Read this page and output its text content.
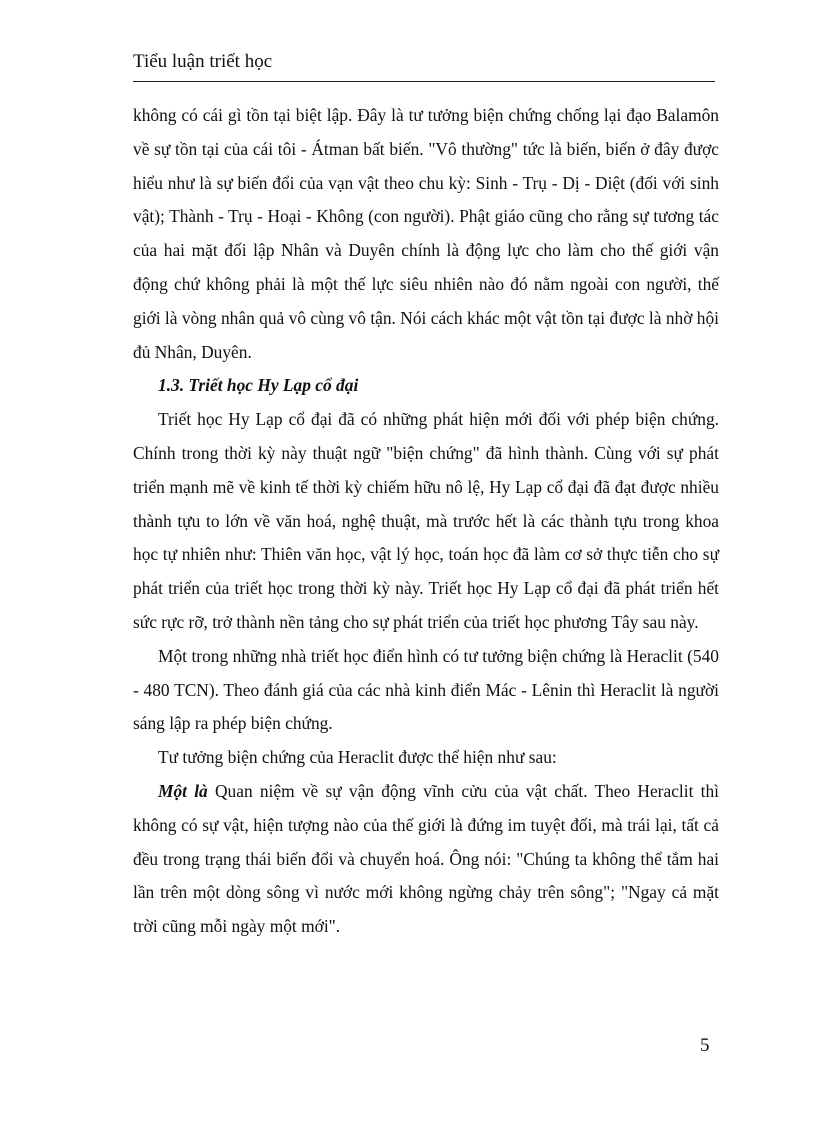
Tiểu luận triết học

không có cái gì tồn tại biệt lập. Đây là tư tưởng biện chứng chống lại đạo Balamôn về sự tồn tại của cái tôi - Átman bất biến. "Vô thường" tức là biến, biến ở đây được hiểu như là sự biến đổi của vạn vật theo chu kỳ: Sinh - Trụ - Dị - Diệt (đối với sinh vật); Thành - Trụ - Hoại - Không (con người). Phật giáo cũng cho rằng sự tương tác của hai mặt đối lập Nhân và Duyên chính là động lực cho làm cho thế giới vận động chứ không phải là một thế lực siêu nhiên nào đó nằm ngoài con người, thế giới là vòng nhân quả vô cùng vô tận. Nói cách khác một vật tồn tại được là nhờ hội đủ Nhân, Duyên.

1.3. Triết học Hy Lạp cổ đại

Triết học Hy Lạp cổ đại đã có những phát hiện mới đối với phép biện chứng. Chính trong thời kỳ này thuật ngữ "biện chứng" đã hình thành. Cùng với sự phát triển mạnh mẽ về kinh tế thời kỳ chiếm hữu nô lệ, Hy Lạp cổ đại đã đạt được nhiều thành tựu to lớn về văn hoá, nghệ thuật, mà trước hết là các thành tựu trong khoa học tự nhiên như: Thiên văn học, vật lý học, toán học đã làm cơ sở thực tiễn cho sự phát triển của triết học trong thời kỳ này. Triết học Hy Lạp cổ đại đã phát triển hết sức rực rỡ, trở thành nền tảng cho sự phát triển của triết học phương Tây sau này.

Một trong những nhà triết học điển hình có tư tưởng biện chứng là Heraclit (540 - 480 TCN). Theo đánh giá của các nhà kinh điển Mác - Lênin thì Heraclit là người sáng lập ra phép biện chứng.

Tư tưởng biện chứng của Heraclit được thể hiện như sau:

Một là Quan niệm về sự vận động vĩnh cửu của vật chất. Theo Heraclit thì không có sự vật, hiện tượng nào của thế giới là đứng im tuyệt đối, mà trái lại, tất cả đều trong trạng thái biến đổi và chuyển hoá. Ông nói: "Chúng ta không thể tắm hai lần trên một dòng sông vì nước mới không ngừng chảy trên sông"; "Ngay cả mặt trời cũng mỗi ngày một mới".

5
